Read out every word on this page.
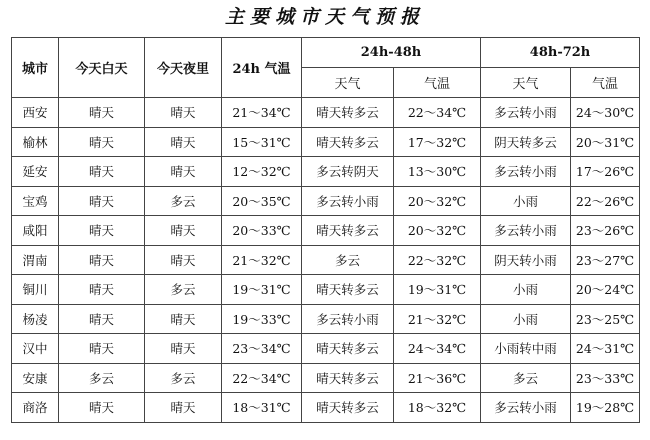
主要城市天气预报
城市	今天白天	今天夜里	24h 气温	24h-48h		48h-72h	
				天气	气温	天气	气温
西安	晴天	晴天	21～34℃	晴天转多云	22～34℃	多云转小雨	24～30℃
榆林	晴天	晴天	15～31℃	晴天转多云	17～32℃	阴天转多云	20～31℃
延安	晴天	晴天	12～32℃	多云转阴天	13～30℃	多云转小雨	17～26℃
宝鸡	晴天	多云	20～35℃	多云转小雨	20～32℃	小雨	22～26℃
咸阳	晴天	晴天	20～33℃	晴天转多云	20～32℃	多云转小雨	23～26℃
渭南	晴天	晴天	21～32℃	多云	22～32℃	阴天转小雨	23～27℃
铜川	晴天	多云	19～31℃	晴天转多云	19～31℃	小雨	20～24℃
杨凌	晴天	晴天	19～33℃	多云转小雨	21～32℃	小雨	23～25℃
汉中	晴天	晴天	23～34℃	晴天转多云	24～34℃	小雨转中雨	24～31℃
安康	多云	多云	22～34℃	晴天转多云	21～36℃	多云	23～33℃
商洛	晴天	晴天	18～31℃	晴天转多云	18～32℃	多云转小雨	19～28℃
